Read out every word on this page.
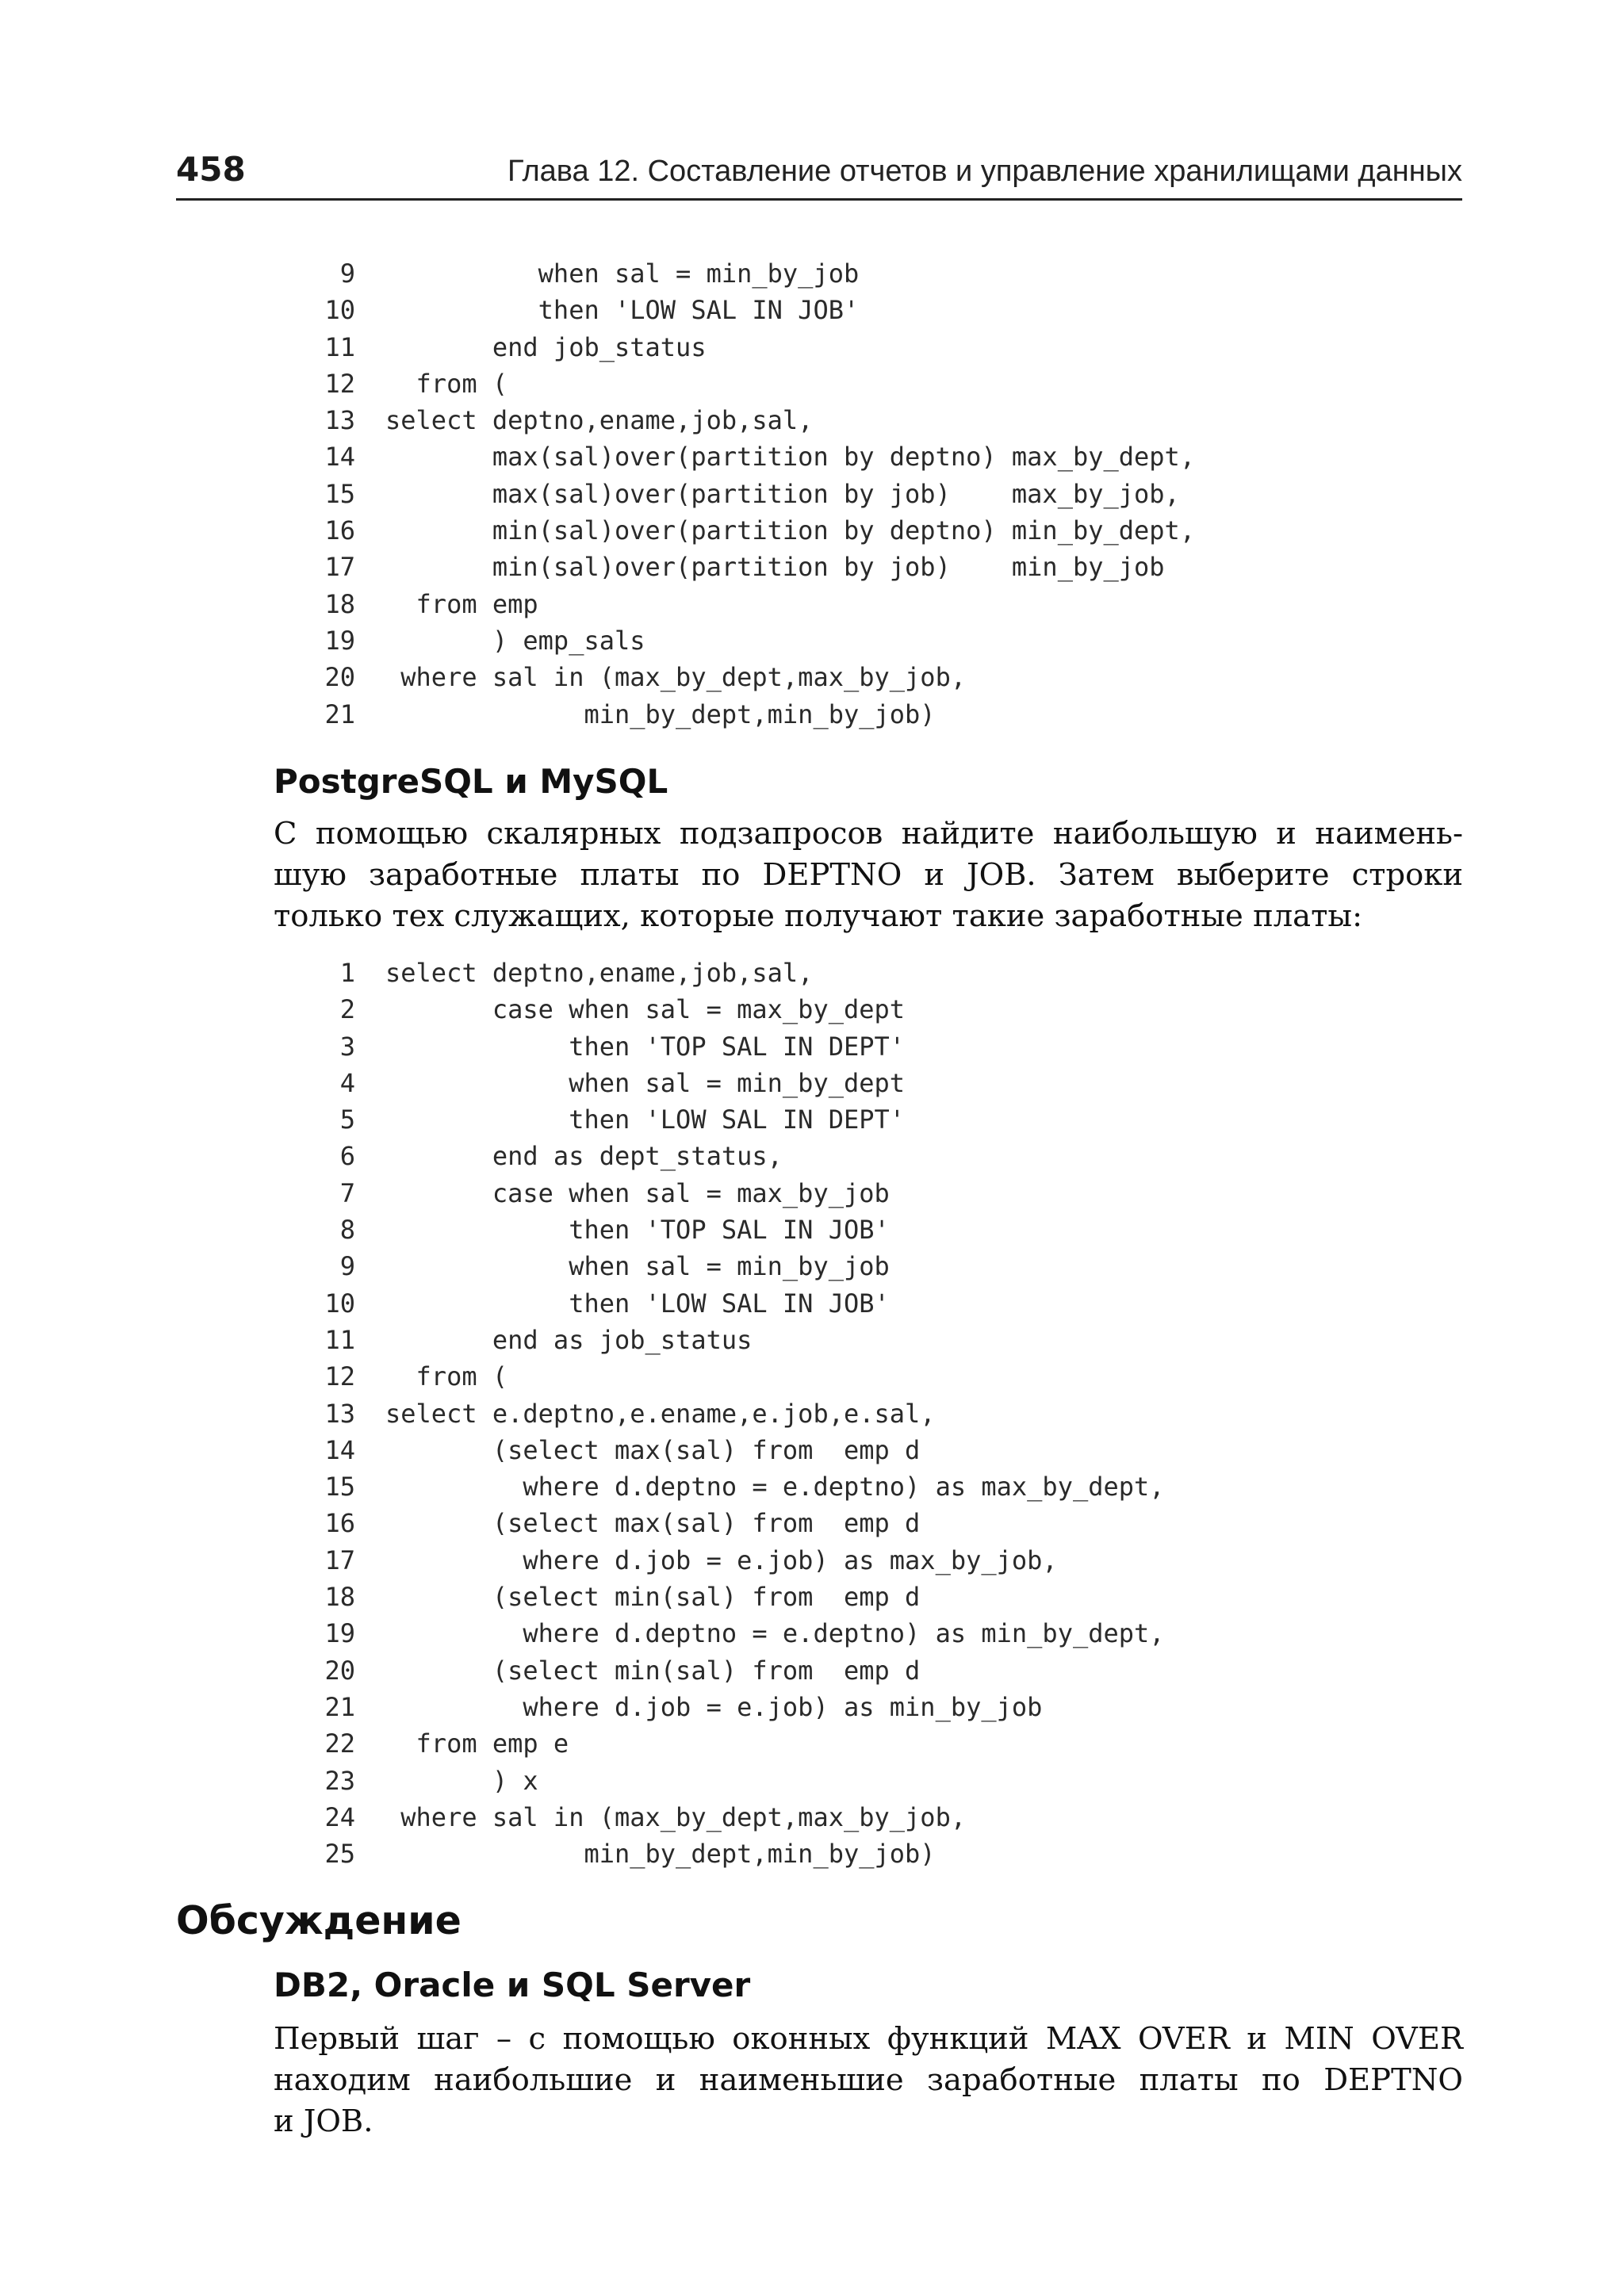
458	Глава 12. Составление отчетов и управление хранилищами данных
9          when sal = min_by_job
10          then 'LOW SAL IN JOB'
11       end job_status
12  from (
13 select deptno,ename,job,sal,
14       max(sal)over(partition by deptno) max_by_dept,
15       max(sal)over(partition by job)    max_by_job,
16       min(sal)over(partition by deptno) min_by_dept,
17       min(sal)over(partition by job)    min_by_job
18  from emp
19       ) emp_sals
20 where sal in (max_by_dept,max_by_job,
21             min_by_dept,min_by_job)
PostgreSQL и MySQL
С помощью скалярных подзапросов найдите наибольшую и наимень-
шую заработные платы по DEPTNO и JOB. Затем выберите строки
только тех служащих, которые получают такие заработные платы:
1 select deptno,ename,job,sal,
2       case when sal = max_by_dept
3            then 'TOP SAL IN DEPT'
4            when sal = min_by_dept
5            then 'LOW SAL IN DEPT'
6       end as dept_status,
7       case when sal = max_by_job
8            then 'TOP SAL IN JOB'
9            when sal = min_by_job
10            then 'LOW SAL IN JOB'
11       end as job_status
12  from (
13 select e.deptno,e.ename,e.job,e.sal,
14       (select max(sal) from  emp d
15         where d.deptno = e.deptno) as max_by_dept,
16       (select max(sal) from  emp d
17         where d.job = e.job) as max_by_job,
18       (select min(sal) from  emp d
19         where d.deptno = e.deptno) as min_by_dept,
20       (select min(sal) from  emp d
21         where d.job = e.job) as min_by_job
22  from emp e
23       ) x
24 where sal in (max_by_dept,max_by_job,
25             min_by_dept,min_by_job)
Обсуждение
DB2, Oracle и SQL Server
Первый шаг – с помощью оконных функций MAX OVER и MIN OVER
находим наибольшие и наименьшие заработные платы по DEPTNO
и JOB.
